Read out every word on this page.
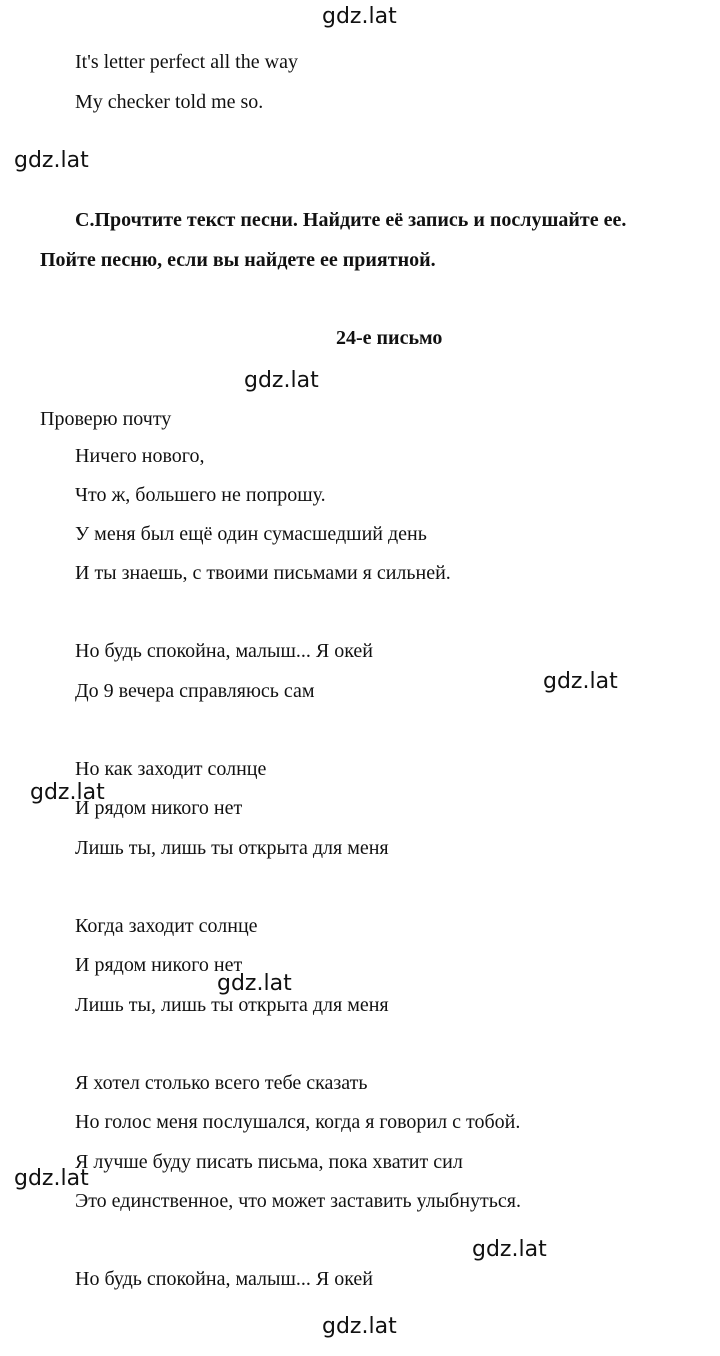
It's letter perfect all the way
My checker told me so.
C.Прочтите текст песни. Найдите её запись и послушайте ее.
Пойте песню, если вы найдете ее приятной.
24-е письмо
Проверю почту
Ничего нового,
Что ж, большего не попрошу.
У меня был ещё один сумасшедший день
И ты знаешь, с твоими письмами я сильней.
Но будь спокойна, малыш... Я окей
До 9 вечера справляюсь сам
Но как заходит солнце
И рядом никого нет
Лишь ты, лишь ты открыта для меня
Когда заходит солнце
И рядом никого нет
Лишь ты, лишь ты открыта для меня
Я хотел столько всего тебе сказать
Но голос меня послушался, когда я говорил с тобой.
Я лучше буду писать письма, пока хватит сил
Это единственное, что может заставить улыбнуться.
Но будь спокойна, малыш... Я окей
gdz.lat
gdz.lat
gdz.lat
gdz.lat
gdz.lat
gdz.lat
gdz.lat
gdz.lat
gdz.lat
